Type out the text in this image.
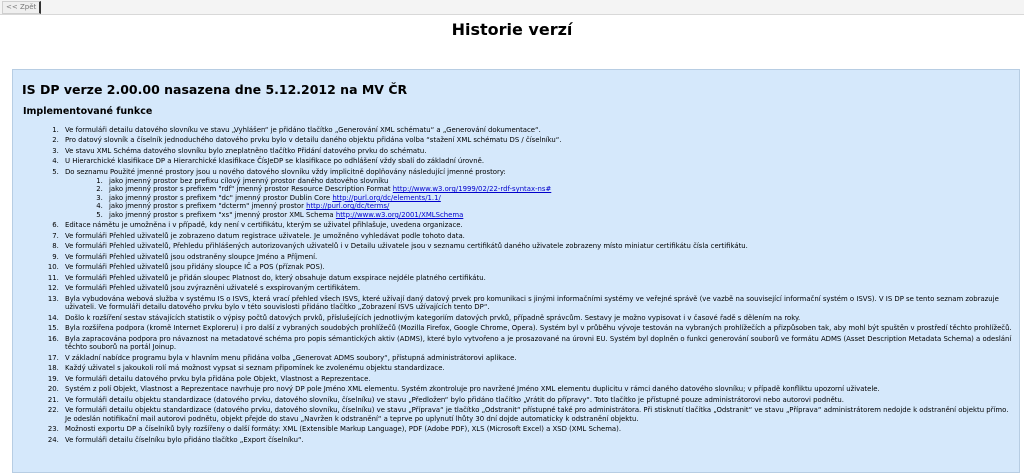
<< Zpět
Historie verzí
IS DP verze 2.00.00 nasazena dne 5.12.2012 na MV ČR
Implementované funkce
1. Ve formuláři detailu datového slovníku ve stavu „Vyhlášen“ je přidáno tlačítko „Generování XML schématu“ a „Generování dokumentace“.
2. Pro datový slovník a číselník jednoduchého datového prvku bylo v detailu daného objektu přidána volba “stažení XML schématu DS / číselníku“.
3. Ve stavu XML Schéma datového slovníku bylo zneplatněno tlačítko Přidání datového prvku do schématu.
4. U Hierarchické klasifikace DP a Hierarchické klasifikace ČísJeDP se klasifikace po odhlášení vždy sbalí do základní úrovně.
5. Do seznamu Použité jmenné prostory jsou u nového datového slovníku vždy implicitně doplňovány následující jmenné prostory:
1. jako jmenný prostor bez prefixu cílový jmenný prostor daného datového slovníku
2. jako jmenný prostor s prefixem "rdf" jmenný prostor Resource Description Format http://www.w3.org/1999/02/22-rdf-syntax-ns#
3. jako jmenný prostor s prefixem "dc" jmenný prostor Dublin Core http://purl.org/dc/elements/1.1/
4. jako jmenný prostor s prefixem "dcterm" jmenný prostor http://purl.org/dc/terms/
5. jako jmenný prostor s prefixem "xs" jmenný prostor XML Schema http://www.w3.org/2001/XMLSchema
6. Editace námětu je umožněna i v případě, kdy není v certifikátu, kterým se uživatel přihlašuje, uvedena organizace.
7. Ve formuláři Přehled uživatelů je zobrazeno datum registrace uživatele. Je umožněno vyhledávat podle tohoto data.
8. Ve formuláři Přehled uživatelů, Přehledu přihlášených autorizovaných uživatelů i v Detailu uživatele jsou v seznamu certifikátů daného uživatele zobrazeny místo miniatur certifikátu čísla certifikátu.
9. Ve formuláři Přehled uživatelů jsou odstraněny sloupce Jméno a Příjmení.
10. Ve formuláři Přehled uživatelů jsou přidány sloupce IČ a POS (příznak POS).
11. Ve formuláři Přehled uživatelů je přidán sloupec Platnost do, který obsahuje datum exspirace nejdéle platného certifikátu.
12. Ve formuláři Přehled uživatelů jsou zvýrazněni uživatelé s exspirovaným certifikátem.
13. Byla vybudována webová služba v systému IS o ISVS, která vrací přehled všech ISVS, které užívají daný datový prvek pro komunikaci s jinými informačními systémy ve veřejné správě (ve vazbě na související informační systém o ISVS). V IS DP se tento seznam zobrazuje uživateli. Ve formuláři detailu datového prvku bylo v této souvislosti přidáno tlačítko „Zobrazení ISVS užívajících tento DP“.
14. Došlo k rozšíření sestav stávajících statistik o výpisy počtů datových prvků, příslušejících jednotlivým kategoriím datových prvků, případně správcům. Sestavy je možno vypisovat i v časové řadě s dělením na roky.
15. Byla rozšířena podpora (kromě Internet Exploreru) i pro další z vybraných soudobých prohlížečů (Mozilla Firefox, Google Chrome, Opera). Systém byl v průběhu vývoje testován na vybraných prohlížečích a přizpůsoben tak, aby mohl být spuštěn v prostředí těchto prohlížečů.
16. Byla zapracována podpora pro návaznost na metadatové schéma pro popis sémantických aktiv (ADMS), které bylo vytvořeno a je prosazované na úrovni EU. Systém byl doplněn o funkci generování souborů ve formátu ADMS (Asset Description Metadata Schema) a odeslání těchto souborů na portál Joinup.
17. V základní nabídce programu byla v hlavním menu přidána volba „Generovat ADMS soubory“, přístupná administrátorovi aplikace.
18. Každý uživatel s jakoukoli rolí má možnost vypsat si seznam připomínek ke zvolenému objektu standardizace.
19. Ve formuláři detailu datového prvku byla přidána pole Objekt, Vlastnost a Reprezentace.
20. Systém z polí Objekt, Vlastnost a Reprezentace navrhuje pro nový DP pole Jméno XML elementu. Systém zkontroluje pro navržené Jméno XML elementu duplicitu v rámci daného datového slovníku; v případě konfliktu upozorní uživatele.
21. Ve formuláři detailu objektu standardizace (datového prvku, datového slovníku, číselníku) ve stavu „Předložen“ bylo přidáno tlačítko „Vrátit do přípravy“. Toto tlačítko je přístupné pouze administrátorovi nebo autorovi podnětu.
22. Ve formuláři detailu objektu standardizace (datového prvku, datového slovníku, číselníku) ve stavu „Příprava“ je tlačítko „Odstranit“ přístupné také pro administrátora. Při stisknutí tlačítka „Odstranit“ ve stavu „Příprava“ administrátorem nedojde k odstranění objektu přímo. Je odeslán notifikační mail autorovi podnětu, objekt přejde do stavu „Navržen k odstranění“ a teprve po uplynutí lhůty 30 dní dojde automaticky k odstranění objektu.
23. Možnosti exportu DP a číselníků byly rozšířeny o další formáty: XML (Extensible Markup Language), PDF (Adobe PDF), XLS (Microsoft Excel) a XSD (XML Schema).
24. Ve formuláři detailu číselníku bylo přidáno tlačítko „Export číselníku“.
